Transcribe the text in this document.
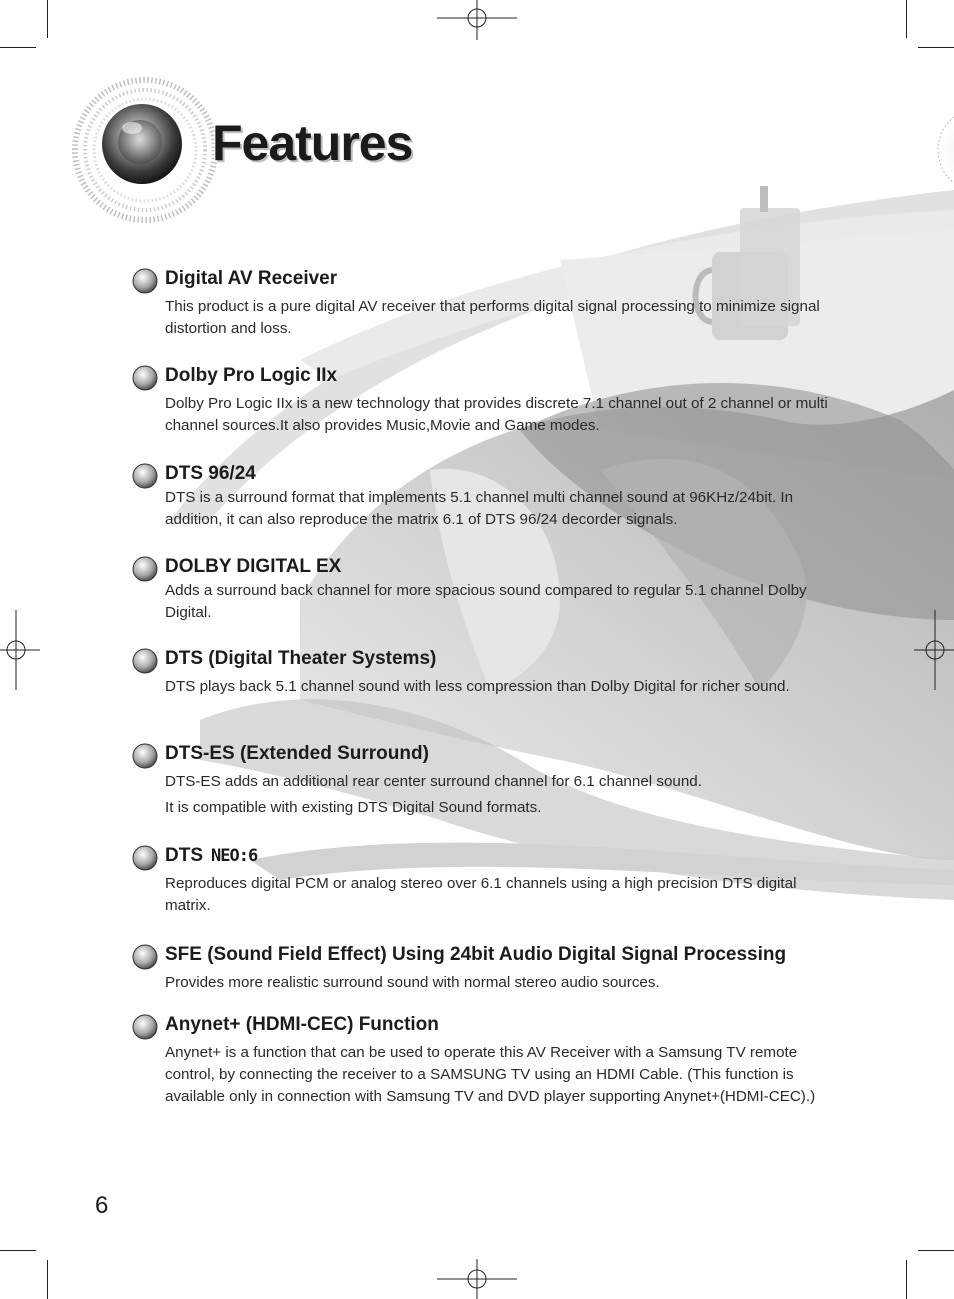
Features
Digital AV Receiver

This product is a pure digital AV receiver that performs digital signal processing to minimize signal distortion and loss.

Dolby Pro Logic IIx

Dolby Pro Logic IIx is a new technology that provides discrete 7.1 channel out of 2 channel or multi channel sources.It also provides Music,Movie and Game modes.

DTS 96/24

DTS is a surround format that implements 5.1 channel multi channel sound at 96KHz/24bit. In addition, it can also reproduce the matrix 6.1 of DTS 96/24 decorder signals.

DOLBY DIGITAL EX

Adds a surround back channel for more spacious sound compared to regular 5.1 channel Dolby Digital.

DTS (Digital Theater Systems)

DTS plays back 5.1 channel sound with less compression than Dolby Digital for richer sound.

DTS-ES (Extended Surround)

DTS-ES adds an additional rear center surround channel for 6.1 channel sound.

It is compatible with existing DTS Digital Sound formats.

DTS NEO:6

Reproduces digital PCM or analog stereo over 6.1 channels using a high precision DTS digital matrix.

SFE (Sound Field Effect) Using 24bit Audio Digital Signal Processing

Provides more realistic surround sound with normal stereo audio sources.

Anynet+ (HDMI-CEC) Function

Anynet+ is a function that can be used to operate this AV Receiver with a Samsung TV remote control, by connecting the receiver to a SAMSUNG TV using an HDMI Cable. (This function is available only in connection with Samsung TV and DVD player supporting Anynet+(HDMI-CEC).)

6
